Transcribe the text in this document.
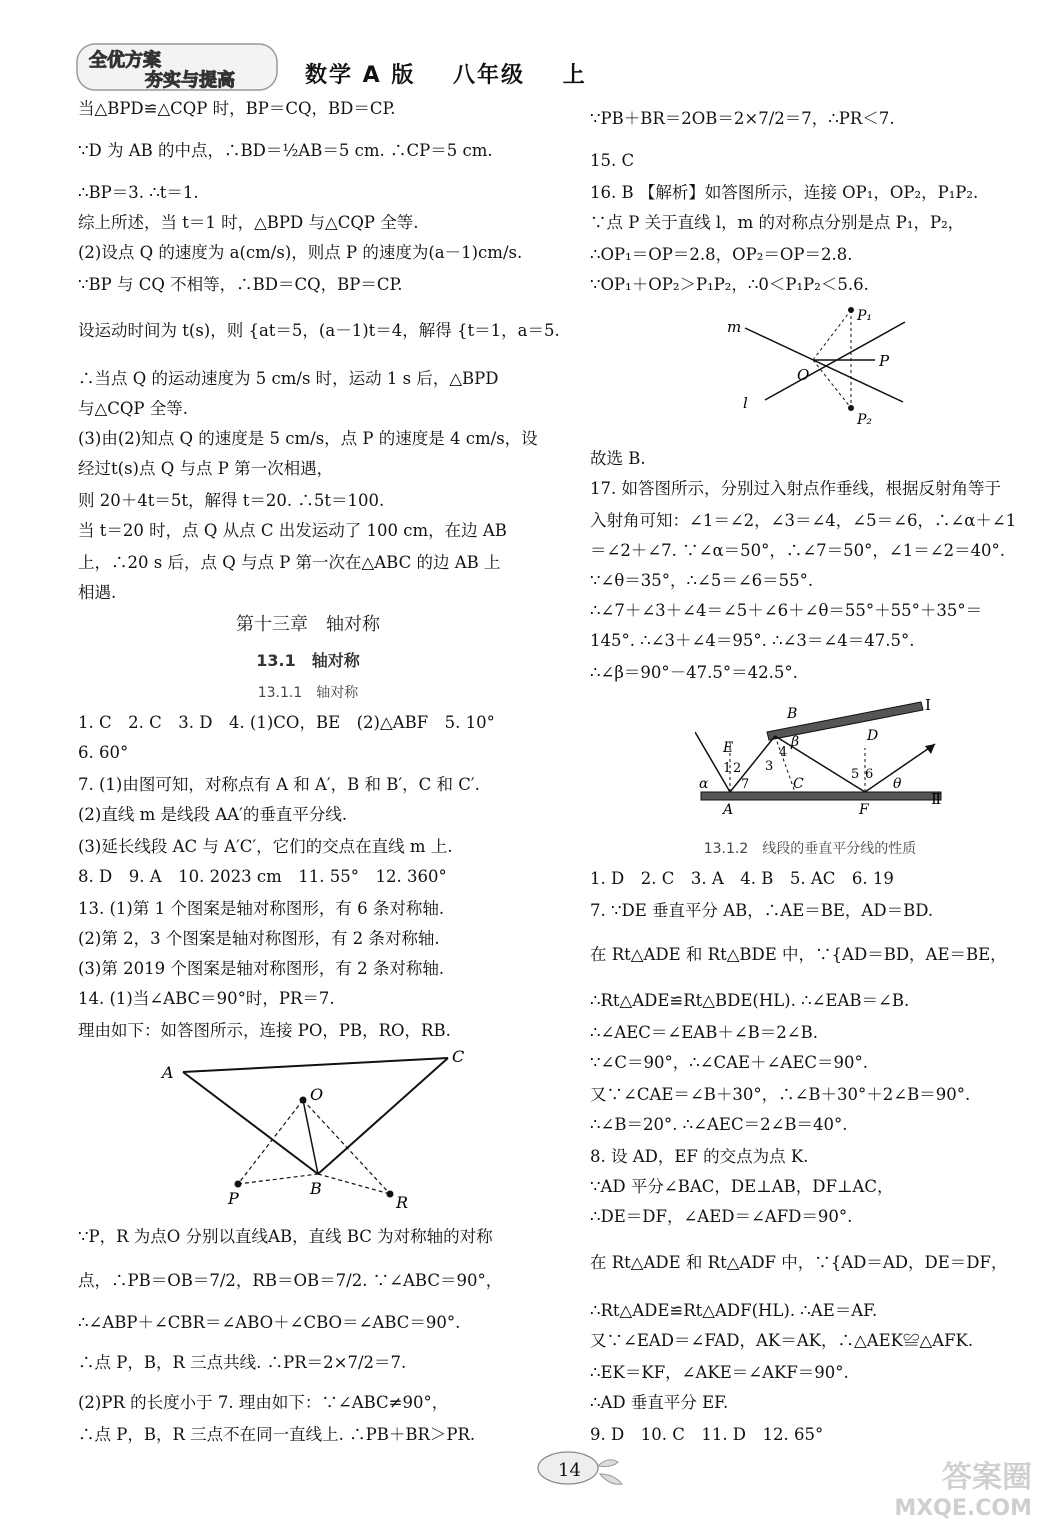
全优方案
夯实与提高	数学 A 版 八年级 上
当△BPD≌△CQP 时，BP＝CQ，BD＝CP.
∵D 为 AB 的中点，∴BD＝½AB＝5 cm. ∴CP＝5 cm.
∴BP＝3. ∴t＝1.
综上所述，当 t＝1 时，△BPD 与△CQP 全等.
(2)设点 Q 的速度为 a(cm/s)，则点 P 的速度为(a－1)cm/s.
∵BP 与 CQ 不相等，∴BD＝CQ，BP＝CP.
设运动时间为 t(s)，则 {at＝5，(a－1)t＝4，解得 {t＝1，a＝5.
∴当点 Q 的运动速度为 5 cm/s 时，运动 1 s 后，△BPD
与△CQP 全等.
(3)由(2)知点 Q 的速度是 5 cm/s，点 P 的速度是 4 cm/s，设
经过t(s)点 Q 与点 P 第一次相遇，
则 20＋4t＝5t，解得 t＝20. ∴5t＝100.
当 t＝20 时，点 Q 从点 C 出发运动了 100 cm，在边 AB
上，∴20 s 后，点 Q 与点 P 第一次在△ABC 的边 AB 上
相遇.
第十三章　轴对称
13.1　轴对称
13.1.1　轴对称
1. C　2. C　3. D　4. (1)CO，BE　(2)△ABF　5. 10°
6. 60°
7. (1)由图可知，对称点有 A 和 A′，B 和 B′，C 和 C′.
(2)直线 m 是线段 AA′的垂直平分线.
(3)延长线段 AC 与 A′C′，它们的交点在直线 m 上.
8. D　9. A　10. 2023 cm　11. 55°　12. 360°
13. (1)第 1 个图案是轴对称图形，有 6 条对称轴.
(2)第 2，3 个图案是轴对称图形，有 2 条对称轴.
(3)第 2019 个图案是轴对称图形，有 2 条对称轴.
14. (1)当∠ABC＝90°时，PR＝7.
理由如下：如答图所示，连接 PO，PB，RO，RB.
A
C
O
B
P	R
∵P，R 为点O 分别以直线AB，直线 BC 为对称轴的对称
点，∴PB＝OB＝7/2，RB＝OB＝7/2. ∵∠ABC＝90°，
∴∠ABP＋∠CBR＝∠ABO＋∠CBO＝∠ABC＝90°.
∴点 P，B，R 三点共线. ∴PR＝2×7/2＝7.
(2)PR 的长度小于 7. 理由如下：∵∠ABC≠90°，
∴点 P，B，R 三点不在同一直线上. ∴PB＋BR＞PR.
∵PB＋BR＝2OB＝2×7/2＝7，∴PR＜7.
15. C
16. B 【解析】如答图所示，连接 OP₁，OP₂，P₁P₂.
∵点 P 关于直线 l，m 的对称点分别是点 P₁，P₂，
∴OP₁＝OP＝2.8，OP₂＝OP＝2.8.
∵OP₁＋OP₂＞P₁P₂，∴0＜P₁P₂＜5.6.
m
l
O
P
P₁
P₂
故选 B.
17. 如答图所示，分别过入射点作垂线，根据反射角等于
入射角可知：∠1＝∠2，∠3＝∠4，∠5＝∠6，∴∠α＋∠1
＝∠2＋∠7. ∵∠α＝50°，∴∠7＝50°，∠1＝∠2＝40°.
∵∠θ＝35°，∴∠5＝∠6＝55°.
∴∠7＋∠3＋∠4＝∠5＋∠6＋∠θ＝55°＋55°＋35°＝
145°. ∴∠3＋∠4＝95°. ∴∠3＝∠4＝47.5°.
∴∠β＝90°－47.5°＝42.5°.
B	Ⅰ
Ⅱ
E
D
A
C
F
1 2 3
4
5 6
7
α
β
θ
13.1.2　线段的垂直平分线的性质
1. D　2. C　3. A　4. B　5. AC　6. 19
7. ∵DE 垂直平分 AB，∴AE＝BE，AD＝BD.
在 Rt△ADE 和 Rt△BDE 中，∵{AD＝BD，AE＝BE，
∴Rt△ADE≌Rt△BDE(HL). ∴∠EAB＝∠B.
∴∠AEC＝∠EAB＋∠B＝2∠B.
∵∠C＝90°，∴∠CAE＋∠AEC＝90°.
又∵∠CAE＝∠B＋30°，∴∠B＋30°＋2∠B＝90°.
∴∠B＝20°. ∴∠AEC＝2∠B＝40°.
8. 设 AD，EF 的交点为点 K.
∵AD 平分∠BAC，DE⊥AB，DF⊥AC，
∴DE＝DF，∠AED＝∠AFD＝90°.
在 Rt△ADE 和 Rt△ADF 中，∵{AD＝AD，DE＝DF，
∴Rt△ADE≌Rt△ADF(HL). ∴AE＝AF.
又∵∠EAD＝∠FAD，AK＝AK，∴△AEK≌△AFK.
∴EK＝KF，∠AKE＝∠AKF＝90°.
∴AD 垂直平分 EF.
9. D　10. C　11. D　12. 65°
14	答案圈
MXQE.COM
